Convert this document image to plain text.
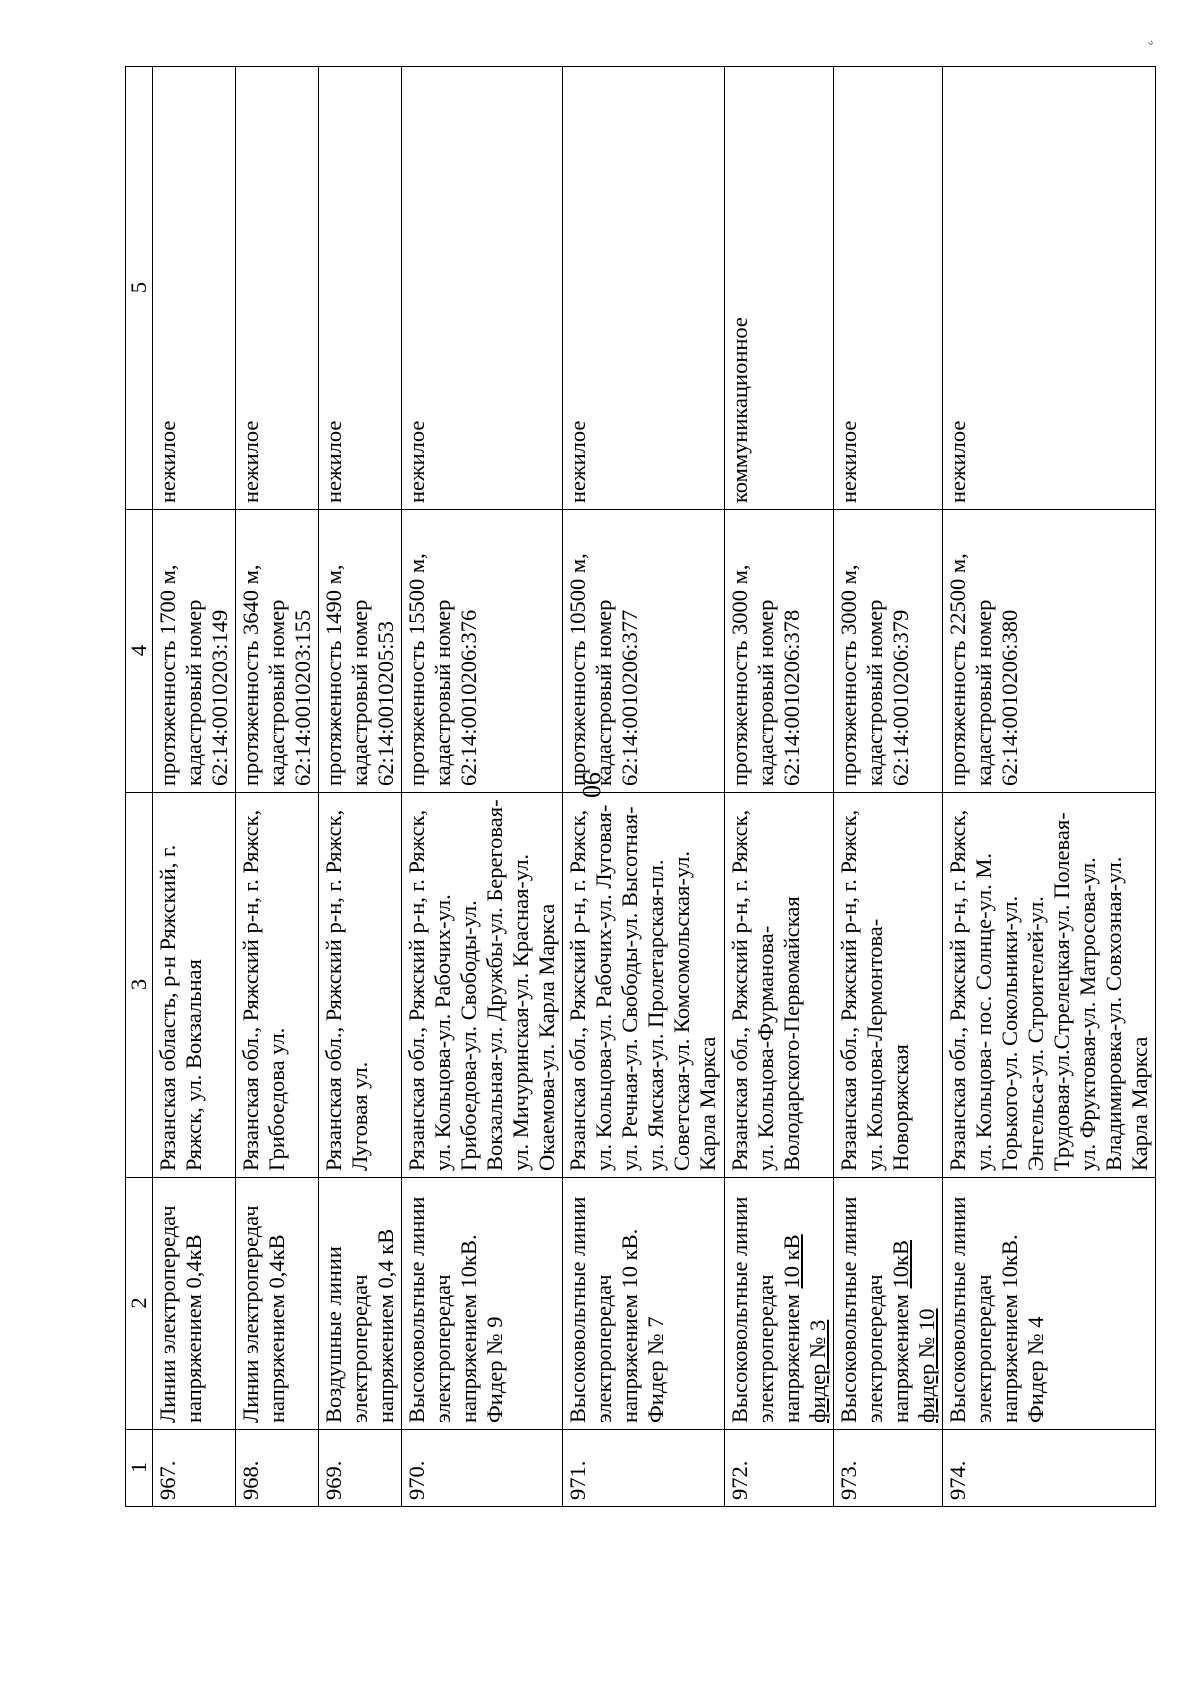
90
ᐡ
1	2	3	4	5
967.	Линии электропередач напряжением 0,4кВ	Рязанская область, р-н Ряжский, г. Ряжск, ул. Вокзальная	протяженность 1700 м, кадастровый номер 62:14:0010203:149	нежилое
968.	Линии электропередач напряжением 0,4кВ	Рязанская обл., Ряжский р-н, г. Ряжск, Грибоедова ул.	протяженность 3640 м, кадастровый номер 62:14:0010203:155	нежилое
969.	Воздушные линии электропередач напряжением 0,4 кВ	Рязанская обл., Ряжский р-н, г. Ряжск, Луговая ул.	протяженность 1490 м, кадастровый номер 62:14:0010205:53	нежилое
970.	Высоковольтные линии электропередач напряжением 10кВ. Фидер № 9	Рязанская обл., Ряжский р-н, г. Ряжск, ул. Кольцова-ул. Рабочих-ул. Грибоедова-ул. Свободы-ул. Вокзальная-ул. Дружбы-ул. Береговая-ул. Мичуринская-ул. Красная-ул. Окаемова-ул. Карла Маркса	протяженность 15500 м, кадастровый номер 62:14:0010206:376	нежилое
971.	Высоковольтные линии электропередач напряжением 10 кВ. Фидер № 7	Рязанская обл., Ряжский р-н, г. Ряжск, ул. Кольцова-ул. Рабочих-ул. Луговая-ул. Речная-ул. Свободы-ул. Высотная-ул. Ямская-ул. Пролетарская-пл. Советская-ул. Комсомольская-ул. Карла Маркса	протяженность 10500 м, кадастровый номер 62:14:0010206:377	нежилое
972.	Высоковольтные линии электропередач напряжением 10 кВ фидер № 3	Рязанская обл., Ряжский р-н, г. Ряжск, ул. Кольцова-Фурманова-Володарского-Первомайская	протяженность 3000 м, кадастровый номер 62:14:0010206:378	коммуникационное
973.	Высоковольтные линии электропередач напряжением 10кВ фидер № 10	Рязанская обл., Ряжский р-н, г. Ряжск, ул. Кольцова-Лермонтова-Новоряжская	протяженность 3000 м, кадастровый номер 62:14:0010206:379	нежилое
974.	Высоковольтные линии электропередач напряжением 10кВ. Фидер № 4	Рязанская обл., Ряжский р-н, г. Ряжск, ул. Кольцова- пос. Солнце-ул. М. Горького-ул. Сокольники-ул. Энгельса-ул. Строителей-ул. Трудовая-ул.Стрелецкая-ул. Полевая-ул. Фруктовая-ул. Матросова-ул. Владимировка-ул. Совхозная-ул. Карла Маркса	протяженность 22500 м, кадастровый номер 62:14:0010206:380	нежилое
